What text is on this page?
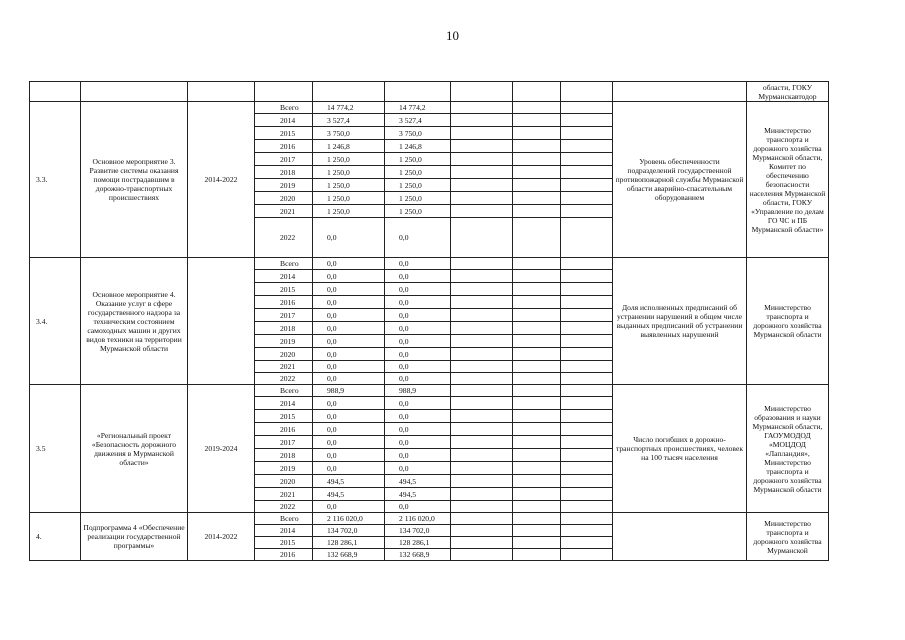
10
										области, ГОКУ Мурманскавтодор
3.3.	Основное мероприятие 3. Развитие системы оказания помощи пострадавшим в дорожно-транспортных происшествиях	2014-2022	Всего	14 774,2	14 774,2				Уровень обеспеченности подразделений государственной противопожарной службы Мурманской области аварийно-спасательным оборудованием	Министерство транспорта и дорожного хозяйства Мурманской области, Комитет по обеспечению безопасности населения Мурманской области, ГОКУ «Управление по делам ГО ЧС и ПБ Мурманской области»
			2014	3 527,4	3 527,4					
			2015	3 750,0	3 750,0					
			2016	1 246,8	1 246,8					
			2017	1 250,0	1 250,0					
			2018	1 250,0	1 250,0					
			2019	1 250,0	1 250,0					
			2020	1 250,0	1 250,0					
			2021	1 250,0	1 250,0					
			2022	0,0	0,0					
3.4.	Основное мероприятие 4. Оказание услуг в сфере государственного надзора за техническим состоянием самоходных машин и других видов техники на территории Мурманской области		Всего	0,0	0,0				Доля исполненных предписаний об устранении нарушений в общем числе выданных предписаний об устранении выявленных нарушений	Министерство транспорта и дорожного хозяйства Мурманской области
			2014	0,0	0,0					
			2015	0,0	0,0					
			2016	0,0	0,0					
			2017	0,0	0,0					
			2018	0,0	0,0					
			2019	0,0	0,0					
			2020	0,0	0,0					
			2021	0,0	0,0					
			2022	0,0	0,0					
3.5	«Региональный проект «Безопасность дорожного движения в Мурманской области»	2019-2024	Всего	988,9	988,9				Число погибших в дорожно-транспортных происшествиях, человек на 100 тысяч населения	Министерство образования и науки Мурманской области, ГАОУМОДОД «МОЦДОД «Лапландия», Министерство транспорта и дорожного хозяйства Мурманской области
			2014	0,0	0,0					
			2015	0,0	0,0					
			2016	0,0	0,0					
			2017	0,0	0,0					
			2018	0,0	0,0					
			2019	0,0	0,0					
			2020	494,5	494,5					
			2021	494,5	494,5					
			2022	0,0	0,0					
4.	Подпрограмма 4 «Обеспечение реализации государственной программы»	2014-2022	Всего	2 116 020,0	2 116 020,0					Министерство транспорта и дорожного хозяйства Мурманской
			2014	134 702,0	134 702,0					
			2015	128 286,1	128 286,1					
			2016	132 668,9	132 668,9					
